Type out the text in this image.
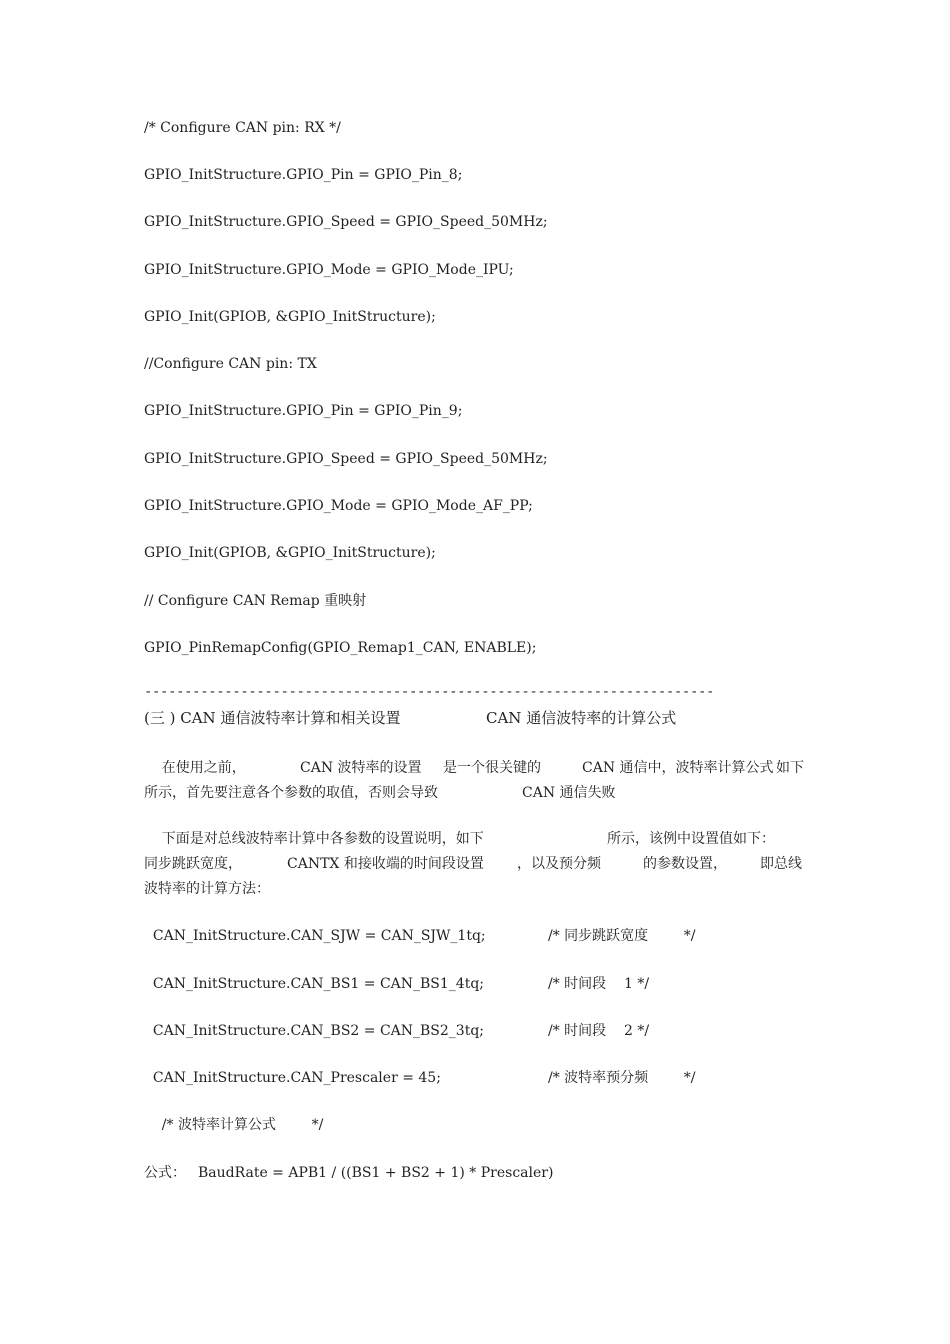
/* Configure CAN pin: RX */
GPIO_InitStructure.GPIO_Pin = GPIO_Pin_8;
GPIO_InitStructure.GPIO_Speed = GPIO_Speed_50MHz;
GPIO_InitStructure.GPIO_Mode = GPIO_Mode_IPU;
GPIO_Init(GPIOB, &GPIO_InitStructure);
//Configure CAN pin: TX
GPIO_InitStructure.GPIO_Pin = GPIO_Pin_9;
GPIO_InitStructure.GPIO_Speed = GPIO_Speed_50MHz;
GPIO_InitStructure.GPIO_Mode = GPIO_Mode_AF_PP;
GPIO_Init(GPIOB, &GPIO_InitStructure);
// Configure CAN Remap 重映射
GPIO_PinRemapConfig(GPIO_Remap1_CAN, ENABLE);
-----------------------------------------------------------------------
(三 ) CAN 通信波特率计算和相关设置	CAN 通信波特率的计算公式
在使用之前，	CAN 波特率的设置 是一个很关键的	CAN 通信中，波特率计算公式 如下
所示，首先要注意各个参数的取值，否则会导致	CAN 通信失败
下面是对总线波特率计算中各参数的设置说明，如下	所示，该例中设置值如下：
同步跳跃宽度，	CANTX 和接收端的时间段设置 ，以及预分频	的参数设置， 即总线
波特率的计算方法：
CAN_InitStructure.CAN_SJW = CAN_SJW_1tq;	/* 同步跳跃宽度        */
CAN_InitStructure.CAN_BS1 = CAN_BS1_4tq;	/* 时间段    1 */
CAN_InitStructure.CAN_BS2 = CAN_BS2_3tq;	/* 时间段    2 */
CAN_InitStructure.CAN_Prescaler = 45;	/* 波特率预分频        */
/* 波特率计算公式        */
公式： BaudRate = APB1 / ((BS1 + BS2 + 1) * Prescaler)
